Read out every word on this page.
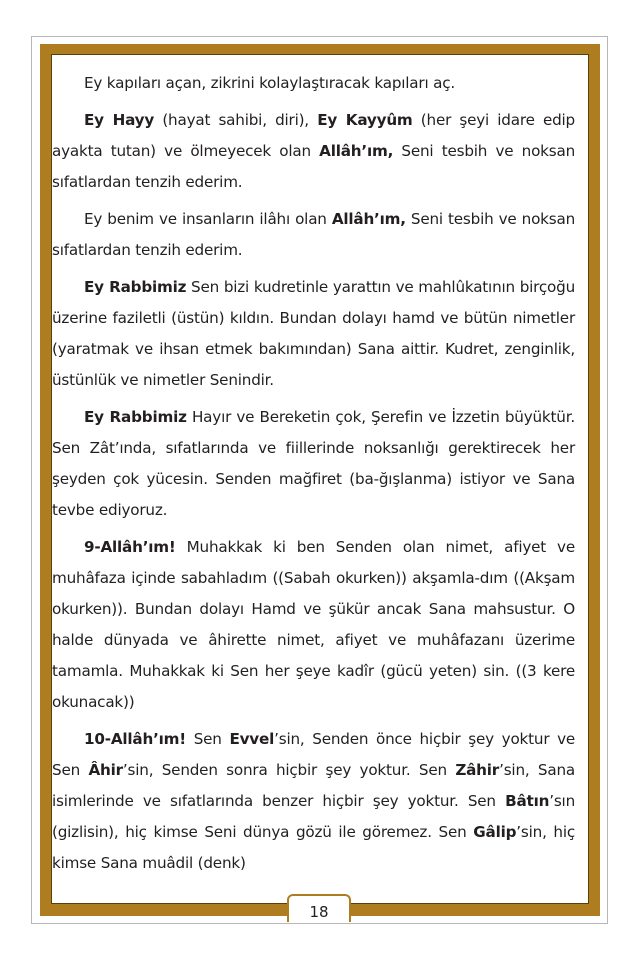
Ey kapıları açan, zikrini kolaylaştıracak kapıları aç.

Ey Hayy (hayat sahibi, diri), Ey Kayyûm (her şeyi idare edip ayakta tutan) ve ölmeyecek olan Allâh’ım, Seni tesbih ve noksan sıfatlardan tenzih ederim.

Ey benim ve insanların ilâhı olan Allâh’ım, Seni tesbih ve noksan sıfatlardan tenzih ederim.

Ey Rabbimiz Sen bizi kudretinle yarattın ve mahlûkatının birçoğu üzerine faziletli (üstün) kıldın. Bundan dolayı hamd ve bütün nimetler (yaratmak ve ihsan etmek bakımından) Sana aittir. Kudret, zenginlik, üstünlük ve nimetler Senindir.

Ey Rabbimiz Hayır ve Bereketin çok, Şerefin ve İzzetin büyüktür. Sen Zât’ında, sıfatlarında ve fiillerinde noksanlığı gerektirecek her şeyden çok yücesin. Senden mağfiret (ba-ğışlanma) istiyor ve Sana tevbe ediyoruz.

9-Allâh’ım! Muhakkak ki ben Senden olan nimet, afiyet ve muhâfaza içinde sabahladım ((Sabah okurken)) akşamla-dım ((Akşam okurken)). Bundan dolayı Hamd ve şükür ancak Sana mahsustur. O halde dünyada ve âhirette nimet, afiyet ve muhâfazanı üzerime tamamla. Muhakkak ki Sen her şeye kadîr (gücü yeten) sin. ((3 kere okunacak))

10-Allâh’ım! Sen Evvel’sin, Senden önce hiçbir şey yoktur ve Sen Âhir’sin, Senden sonra hiçbir şey yoktur. Sen Zâhir’sin, Sana isimlerinde ve sıfatlarında benzer hiçbir şey yoktur. Sen Bâtın’sın (gizlisin), hiç kimse Seni dünya gözü ile göremez. Sen Gâlip’sin, hiç kimse Sana muâdil (denk)

18
